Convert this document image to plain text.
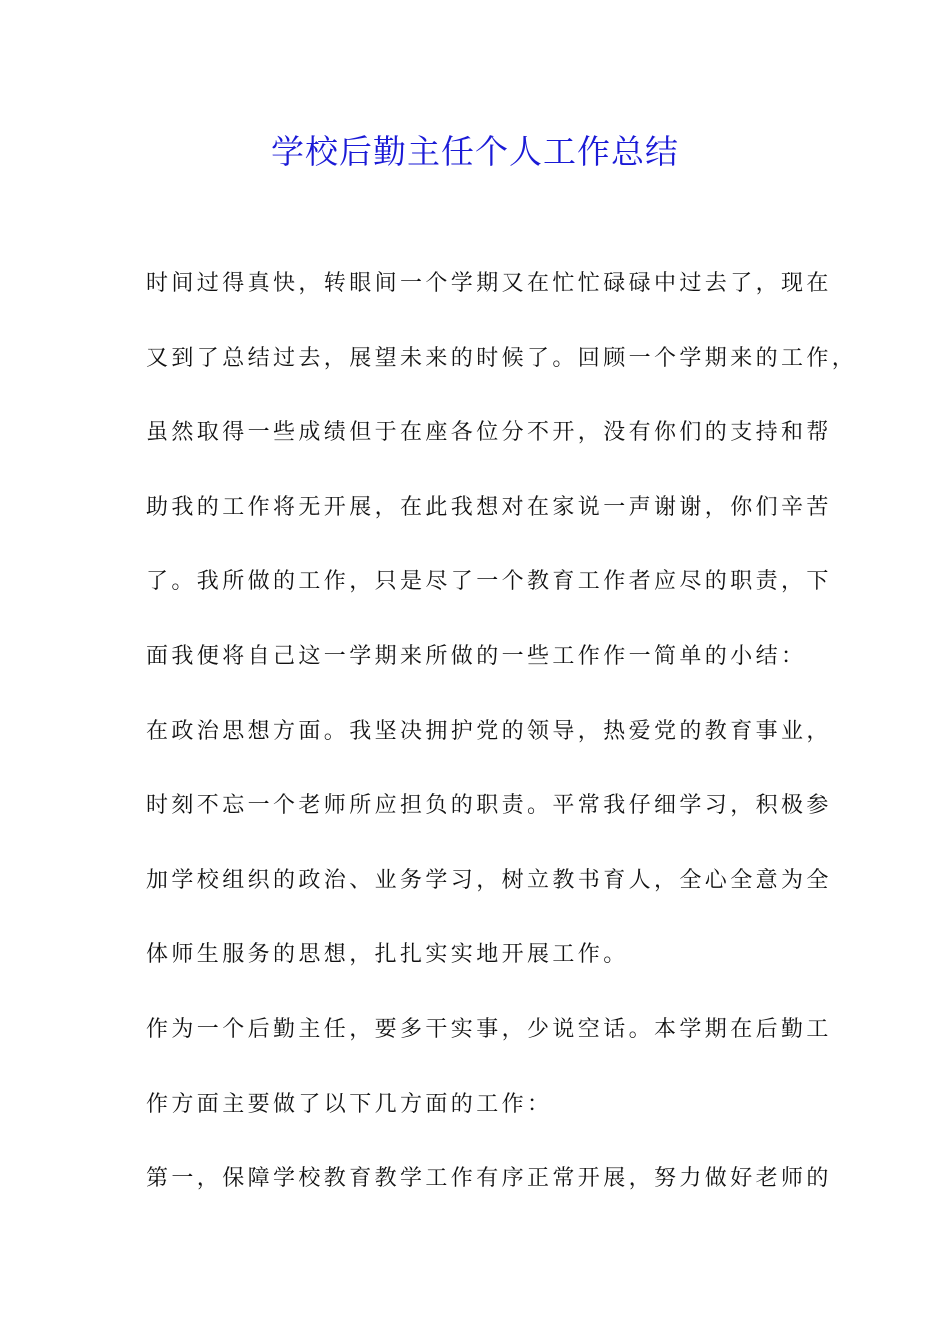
学校后勤主任个人工作总结
时间过得真快，转眼间一个学期又在忙忙碌碌中过去了，现在
又到了总结过去，展望未来的时候了。回顾一个学期来的工作，
虽然取得一些成绩但于在座各位分不开，没有你们的支持和帮
助我的工作将无开展，在此我想对在家说一声谢谢，你们辛苦
了。我所做的工作，只是尽了一个教育工作者应尽的职责，下
面我便将自己这一学期来所做的一些工作作一简单的小结：
在政治思想方面。我坚决拥护党的领导，热爱党的教育事业，
时刻不忘一个老师所应担负的职责。平常我仔细学习，积极参
加学校组织的政治、业务学习，树立教书育人，全心全意为全
体师生服务的思想，扎扎实实地开展工作。
作为一个后勤主任，要多干实事，少说空话。本学期在后勤工
作方面主要做了以下几方面的工作：
第一，保障学校教育教学工作有序正常开展，努力做好老师的
